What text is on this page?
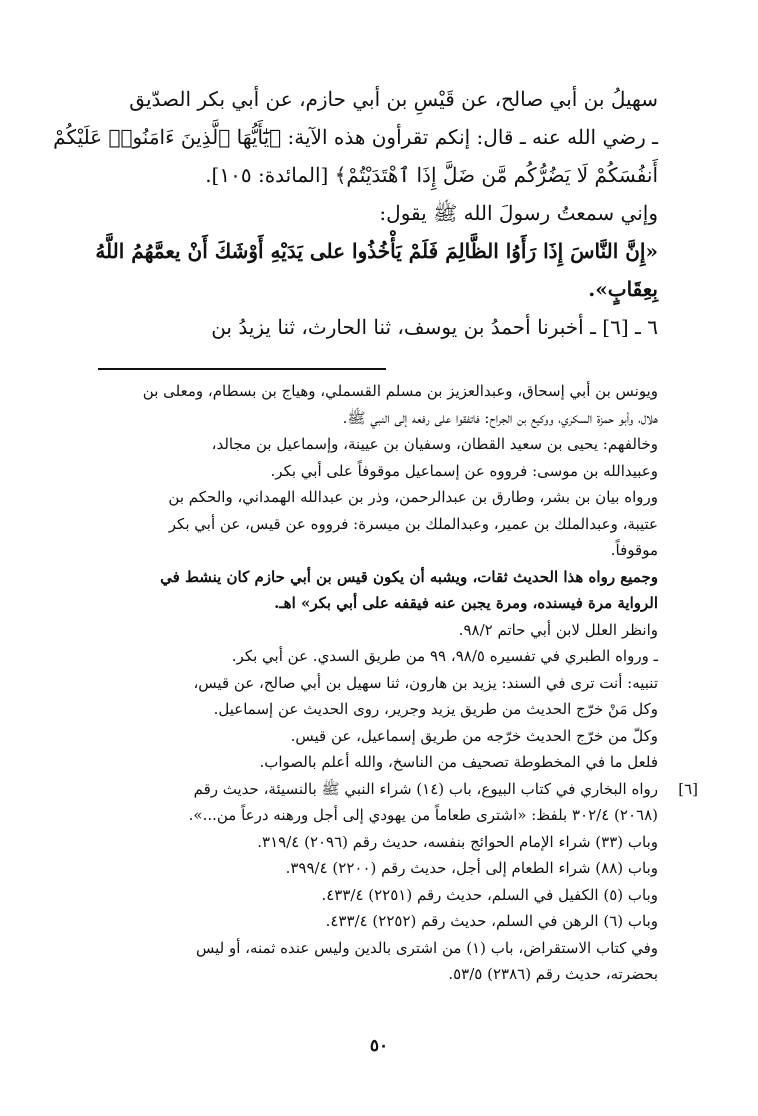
سهيلُ بن أبي صالح، عن قَيْسِ بن أبي حازم، عن أبي بكر الصدّيق
ـ رضي الله عنه ـ قال: إنكم تقرأون هذه الآية: ﴿يَٰٓأَيُّهَا ٱلَّذِينَ ءَامَنُوا۟ عَلَيْكُمْ
أَنفُسَكُمْ لَا يَضُرُّكُم مَّن ضَلَّ إِذَا ٱهْتَدَيْتُمْ﴾ [المائدة: ١٠٥].
وإني سمعتُ رسولَ الله ﷺ يقول:
«إِنَّ النَّاسَ إِذَا رَأَوُا الظَّالِمَ فَلَمْ يَأْخُذُوا على يَدَيْهِ أَوْشَكَ أَنْ يعمَّهُمُ اللَّهُ
بِعِقَابٍ».
٦ ـ [٦] ـ أخبرنا أحمدُ بن يوسف، ثنا الحارث، ثنا يزيدُ بن
ويونس بن أبي إسحاق، وعبدالعزيز بن مسلم القسملي، وهياج بن بسطام، ومعلى بن
هلال، وأبو حمزة السكري، ووكيع بن الجراح: فاتفقوا على رفعه إلى النبي ﷺ.
وخالفهم: يحيى بن سعيد القطان، وسفيان بن عيينة، وإسماعيل بن مجالد،
وعبيدالله بن موسى: فرووه عن إسماعيل موقوفاً على أبي بكر.
ورواه بيان بن بشر، وطارق بن عبدالرحمن، وذر بن عبدالله الهمداني، والحكم بن
عتيبة، وعبدالملك بن عمير، وعبدالملك بن ميسرة: فرووه عن قيس، عن أبي بكر
موقوفاً.
وجميع رواه هذا الحديث ثقات، ويشبه أن يكون قيس بن أبي حازم كان ينشط في
الرواية مرة فيسنده، ومرة يجبن عنه فيقفه على أبي بكر» اهـ.
وانظر العلل لابن أبي حاتم ٩٨/٢.
ـ ورواه الطبري في تفسيره ٩٨/٥، ٩٩ من طريق السدي. عن أبي بكر.
تنبيه: أنت ترى في السند: يزيد بن هارون، ثنا سهيل بن أبي صالح، عن قيس،
وكل مَنْ خرّج الحديث من طريق يزيد وجرير، روى الحديث عن إسماعيل.
وكلّ من خرّج الحديث خرّجه من طريق إسماعيل، عن قيس.
فلعل ما في المخطوطة تصحيف من الناسخ، والله أعلم بالصواب.
[٦]
رواه البخاري في كتاب البيوع، باب (١٤) شراء النبي ﷺ بالنسيئة، حديث رقم
(٢٠٦٨) ٣٠٢/٤ بلفظ: «اشترى طعاماً من يهودي إلى أجل ورهنه درعاً من...».
وباب (٣٣) شراء الإمام الحوائج بنفسه، حديث رقم (٢٠٩٦) ٣١٩/٤.
وباب (٨٨) شراء الطعام إلى أجل، حديث رقم (٢٢٠٠) ٣٩٩/٤.
وباب (٥) الكفيل في السلم، حديث رقم (٢٢٥١) ٤٣٣/٤.
وباب (٦) الرهن في السلم، حديث رقم (٢٢٥٢) ٤٣٣/٤.
وفي كتاب الاستقراض، باب (١) من اشترى بالدين وليس عنده ثمنه، أو ليس
بحضرته، حديث رقم (٢٣٨٦) ٥٣/٥.
٥٠
